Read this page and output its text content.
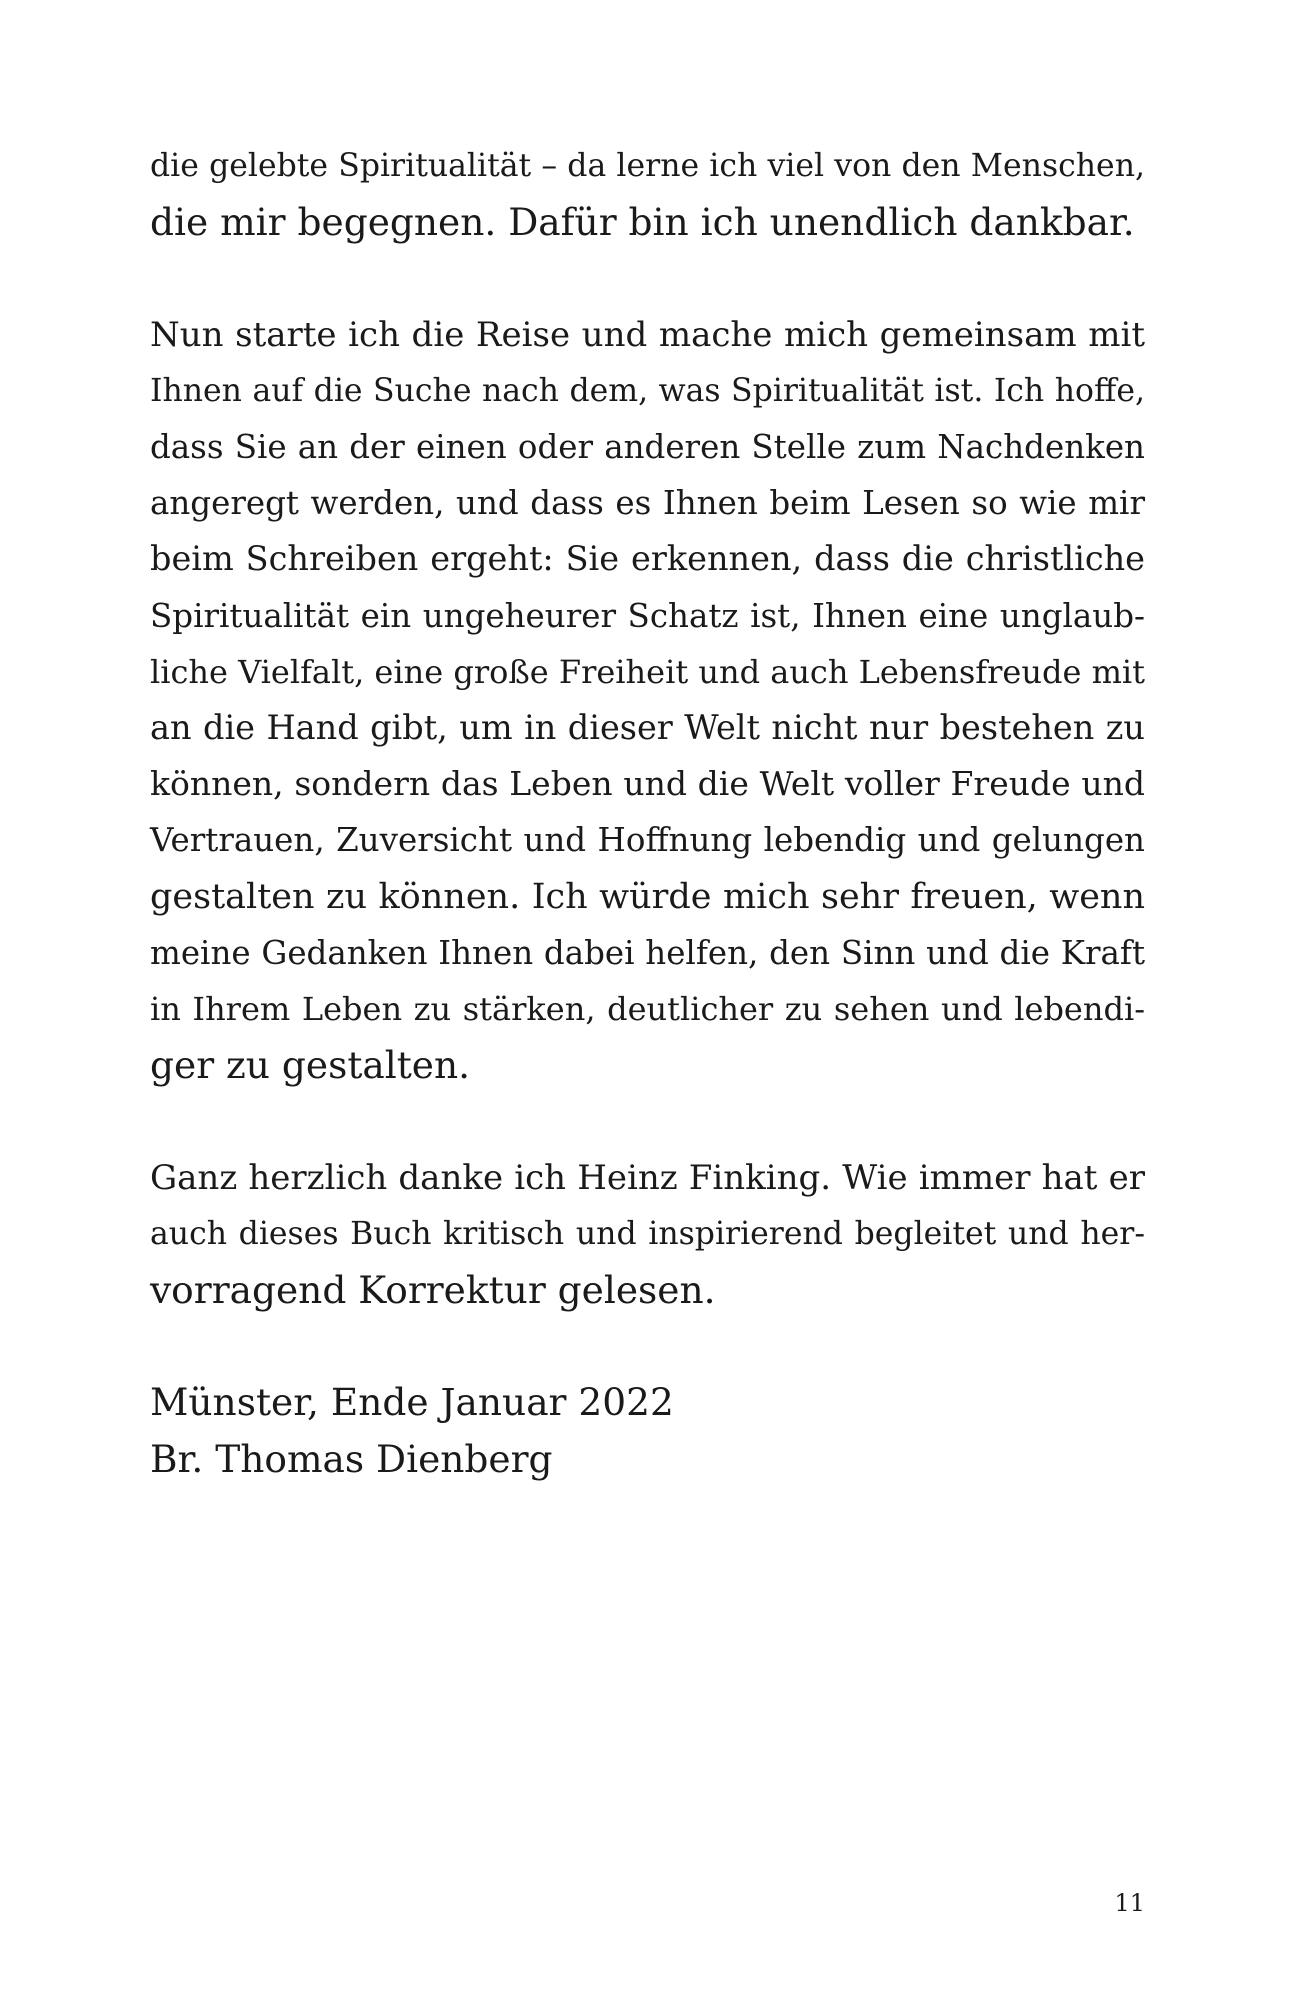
die gelebte Spiritualität – da lerne ich viel von den Menschen,
die mir begegnen. Dafür bin ich unendlich dankbar.

Nun starte ich die Reise und mache mich gemeinsam mit
Ihnen auf die Suche nach dem, was Spiritualität ist. Ich hoffe,
dass Sie an der einen oder anderen Stelle zum Nachdenken
angeregt werden, und dass es Ihnen beim Lesen so wie mir
beim Schreiben ergeht: Sie erkennen, dass die christliche
Spiritualität ein ungeheurer Schatz ist, Ihnen eine unglaub-
liche Vielfalt, eine große Freiheit und auch Lebensfreude mit
an die Hand gibt, um in dieser Welt nicht nur bestehen zu
können, sondern das Leben und die Welt voller Freude und
Vertrauen, Zuversicht und Hoffnung lebendig und gelungen
gestalten zu können. Ich würde mich sehr freuen, wenn
meine Gedanken Ihnen dabei helfen, den Sinn und die Kraft
in Ihrem Leben zu stärken, deutlicher zu sehen und lebendi-
ger zu gestalten.

Ganz herzlich danke ich Heinz Finking. Wie immer hat er
auch dieses Buch kritisch und inspirierend begleitet und her-
vorragend Korrektur gelesen.

Münster, Ende Januar 2022
Br. Thomas Dienberg

11
